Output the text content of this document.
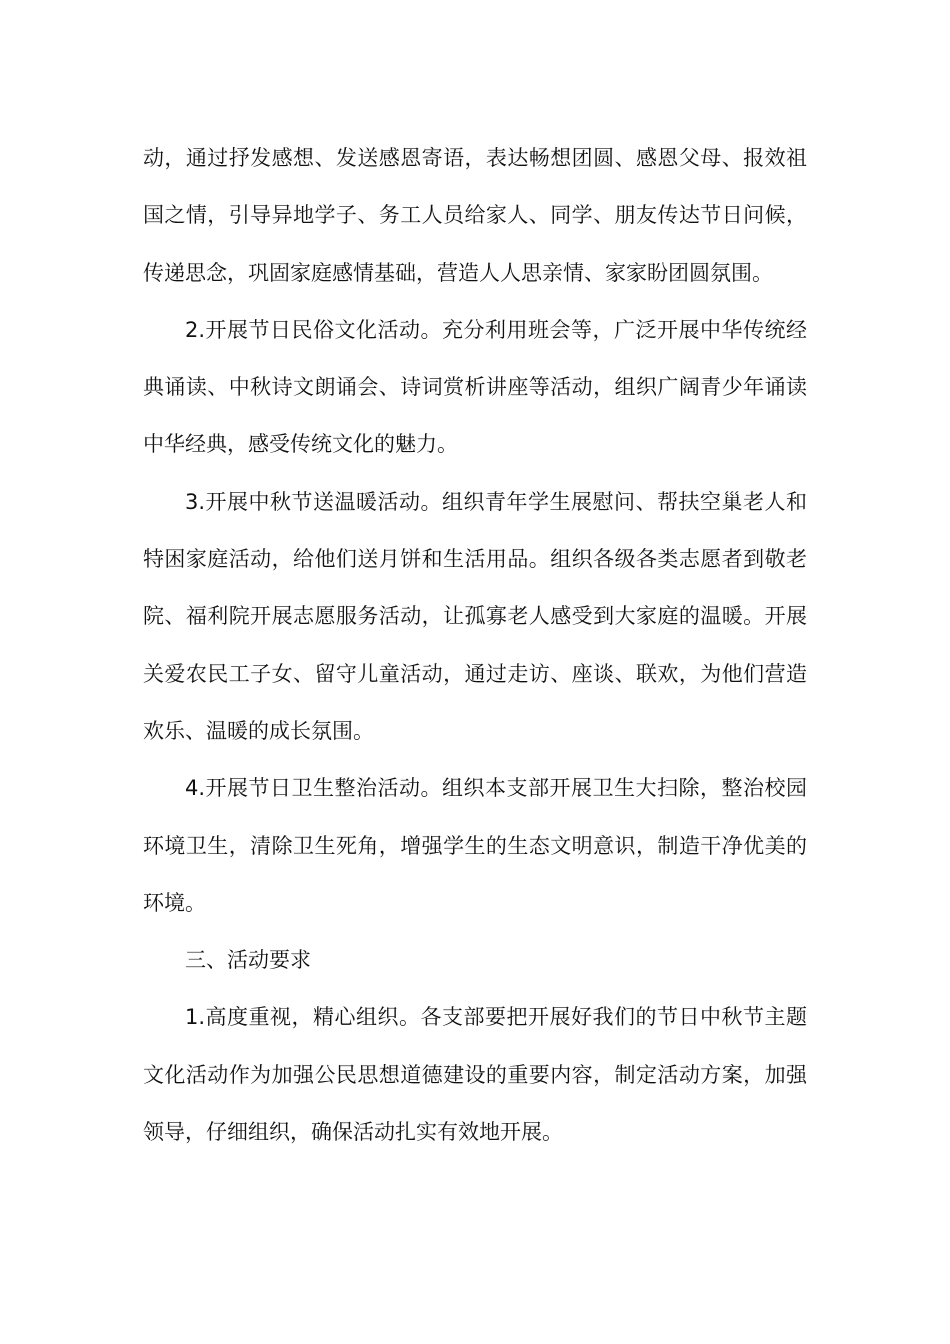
动，通过抒发感想、发送感恩寄语，表达畅想团圆、感恩父母、报效祖国之情，引导异地学子、务工人员给家人、同学、朋友传达节日问候，传递思念，巩固家庭感情基础，营造人人思亲情、家家盼团圆氛围。

2.开展节日民俗文化活动。充分利用班会等，广泛开展中华传统经典诵读、中秋诗文朗诵会、诗词赏析讲座等活动，组织广阔青少年诵读中华经典，感受传统文化的魅力。

3.开展中秋节送温暖活动。组织青年学生展慰问、帮扶空巢老人和特困家庭活动，给他们送月饼和生活用品。组织各级各类志愿者到敬老院、福利院开展志愿服务活动，让孤寡老人感受到大家庭的温暖。开展关爱农民工子女、留守儿童活动，通过走访、座谈、联欢，为他们营造欢乐、温暖的成长氛围。

4.开展节日卫生整治活动。组织本支部开展卫生大扫除，整治校园环境卫生，清除卫生死角，增强学生的生态文明意识，制造干净优美的环境。

三、活动要求

1.高度重视，精心组织。各支部要把开展好我们的节日中秋节主题文化活动作为加强公民思想道德建设的重要内容，制定活动方案，加强领导，仔细组织，确保活动扎实有效地开展。
